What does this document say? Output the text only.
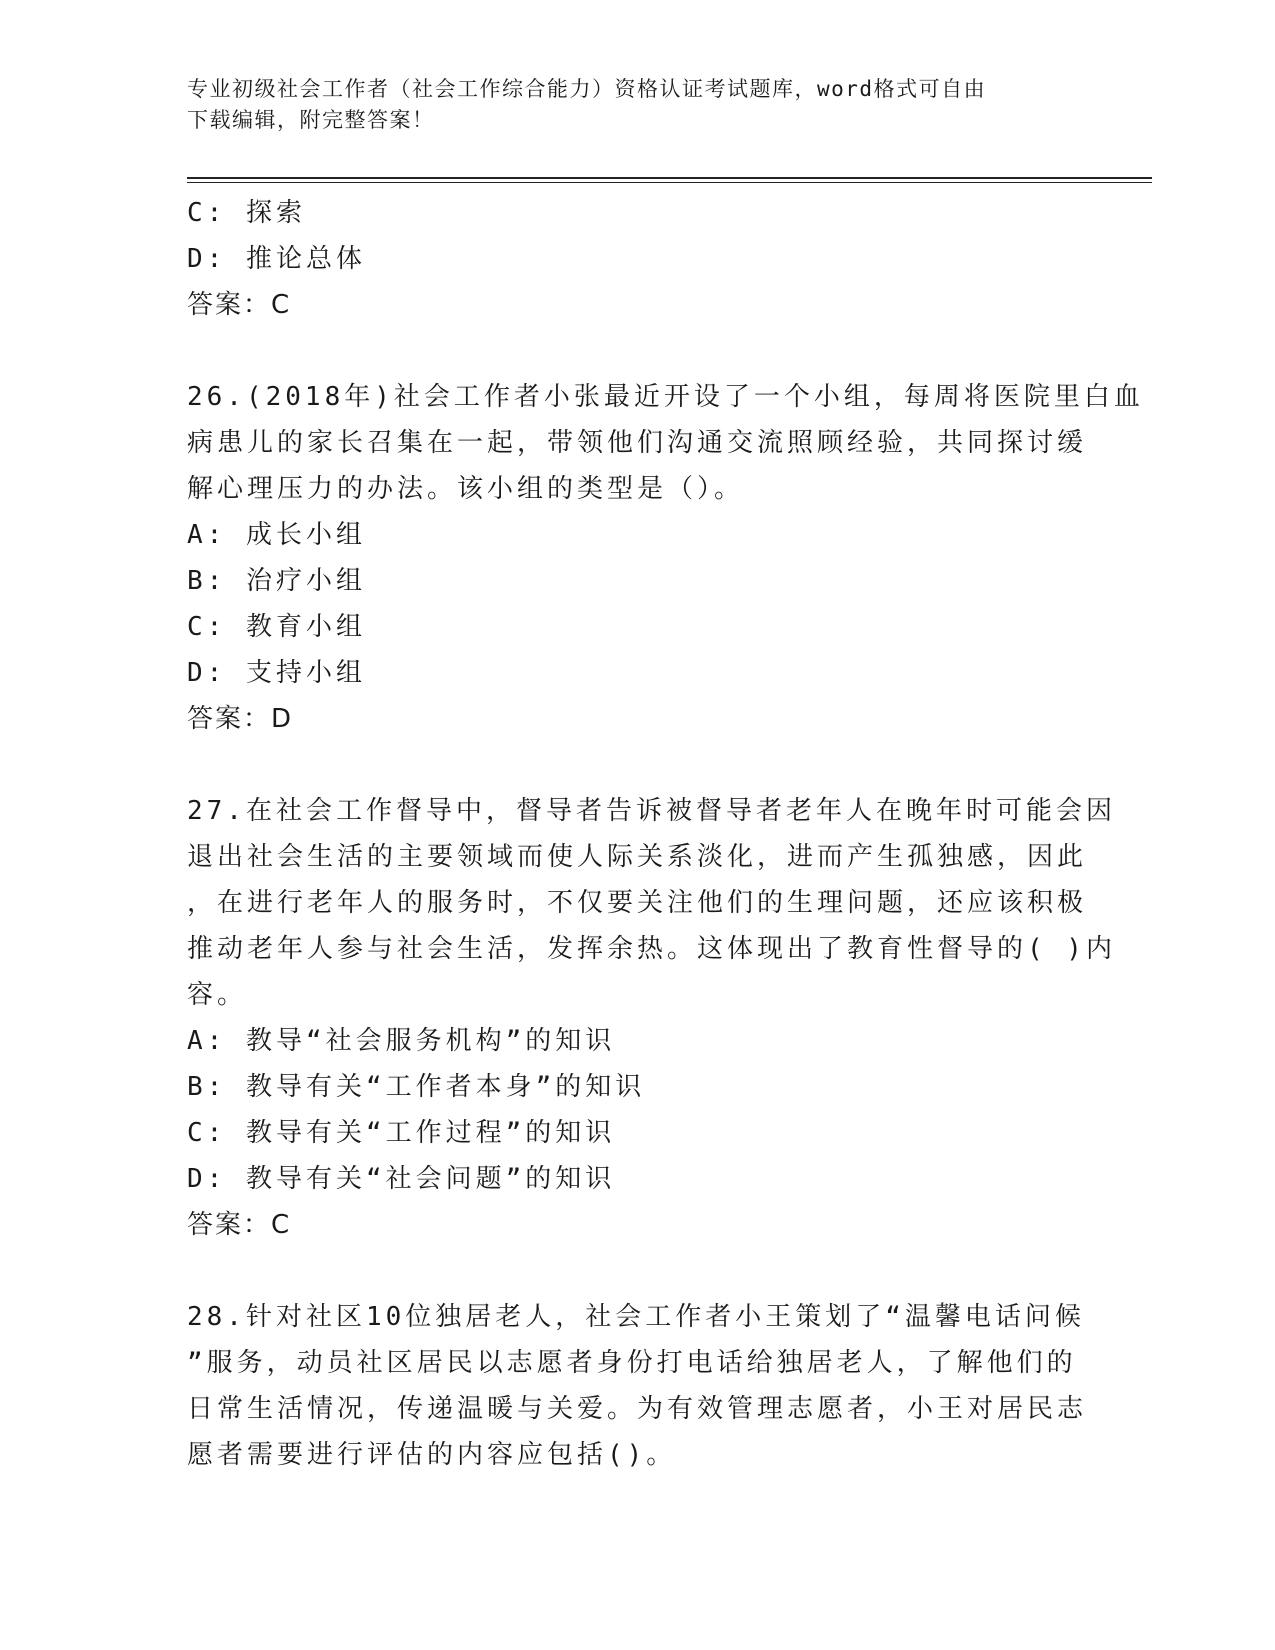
专业初级社会工作者（社会工作综合能力）资格认证考试题库，word格式可自由
下载编辑，附完整答案！
C: 探索
D: 推论总体
答案：C
26.(2018年)社会工作者小张最近开设了一个小组，每周将医院里白血
病患儿的家长召集在一起，带领他们沟通交流照顾经验，共同探讨缓
解心理压力的办法。该小组的类型是（）。
A: 成长小组
B: 治疗小组
C: 教育小组
D: 支持小组
答案：D
27.在社会工作督导中，督导者告诉被督导者老年人在晚年时可能会因
退出社会生活的主要领域而使人际关系淡化，进而产生孤独感，因此
，在进行老年人的服务时，不仅要关注他们的生理问题，还应该积极
推动老年人参与社会生活，发挥余热。这体现出了教育性督导的( )内
容。
A: 教导“社会服务机构”的知识
B: 教导有关“工作者本身”的知识
C: 教导有关“工作过程”的知识
D: 教导有关“社会问题”的知识
答案：C
28.针对社区10位独居老人，社会工作者小王策划了“温馨电话问候
”服务，动员社区居民以志愿者身份打电话给独居老人，了解他们的
日常生活情况，传递温暖与关爱。为有效管理志愿者，小王对居民志
愿者需要进行评估的内容应包括()。
